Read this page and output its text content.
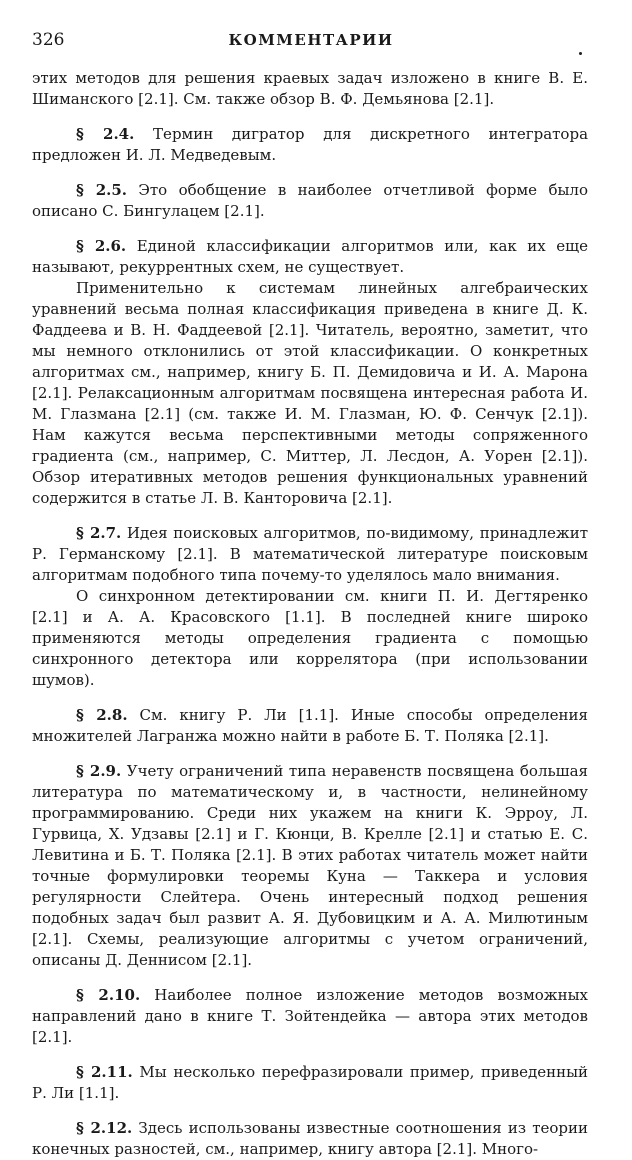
326	КОММЕНТАРИИ

этих методов для решения краевых задач изложено в книге В. Е. Шиманского [2.1]. См. также обзор В. Ф. Демьянова [2.1].

§ 2.4. Термин диграт​ор для дискретного интегратора предложен И. Л. Медведевым.

§ 2.5. Это обобщение в наиболее отчетливой форме было описано С. Бингулацем [2.1].

§ 2.6. Единой классификации алгоритмов или, как их еще называют, рекуррентных схем, не существует.

Применительно к системам линейных алгебраических уравнений весьма полная классификация приведена в книге Д. К. Фаддеева и В. Н. Фаддеевой [2.1]. Читатель, вероятно, заметит, что мы немного отклонились от этой классификации. О конкретных алгоритмах см., например, книгу Б. П. Демидовича и И. А. Марона [2.1]. Релаксационным алгоритмам посвящена интересная работа И. М. Глазмана [2.1] (см. также И. М. Глазман, Ю. Ф. Сенчук [2.1]). Нам кажутся весьма перспективными методы сопряженного градиента (см., например, С. Миттер, Л. Лесдон, А. Уорен [2.1]). Обзор итеративных методов решения функциональных уравнений содержится в статье Л. В. Канторовича [2.1].

§ 2.7. Идея поисковых алгоритмов, по-видимому, принадлежит Р. Германскому [2.1]. В математической литературе поисковым алгоритмам подобного типа почему-то уделялось мало внимания.

О синхронном детектировании см. книги П. И. Дегтяренко [2.1] и А. А. Красовского [1.1]. В последней книге широко применяются методы определения градиента с помощью синхронного детектора или коррелятора (при использовании шумов).

§ 2.8. См. книгу Р. Ли [1.1]. Иные способы определения множителей Лагранжа можно найти в работе Б. Т. Поляка [2.1].

§ 2.9. Учету ограничений типа неравенств посвящена большая литература по математическому и, в частности, нелинейному программированию. Среди них укажем на книги К. Эрроу, Л. Гурвица, Х. Удзавы [2.1] и Г. Кюнци, В. Крелле [2.1] и статью Е. С. Левитина и Б. Т. Поляка [2.1]. В этих работах читатель может найти точные формулировки теоремы Куна — Таккера и условия регулярности Слейтера. Очень интересный подход решения подобных задач был развит А. Я. Дубовицким и А. А. Милютиным [2.1]. Схемы, реализующие алгоритмы с учетом ограничений, описаны Д. Деннисом [2.1].

§ 2.10. Наиболее полное изложение методов возможных направлений дано в книге Т. Зойтендейка — автора этих методов [2.1].

§ 2.11. Мы несколько перефразировали пример, приведенный Р. Ли [1.1].

§ 2.12. Здесь использованы известные соотношения из теории конечных разностей, см., например, книгу автора [2.1]. Много-
